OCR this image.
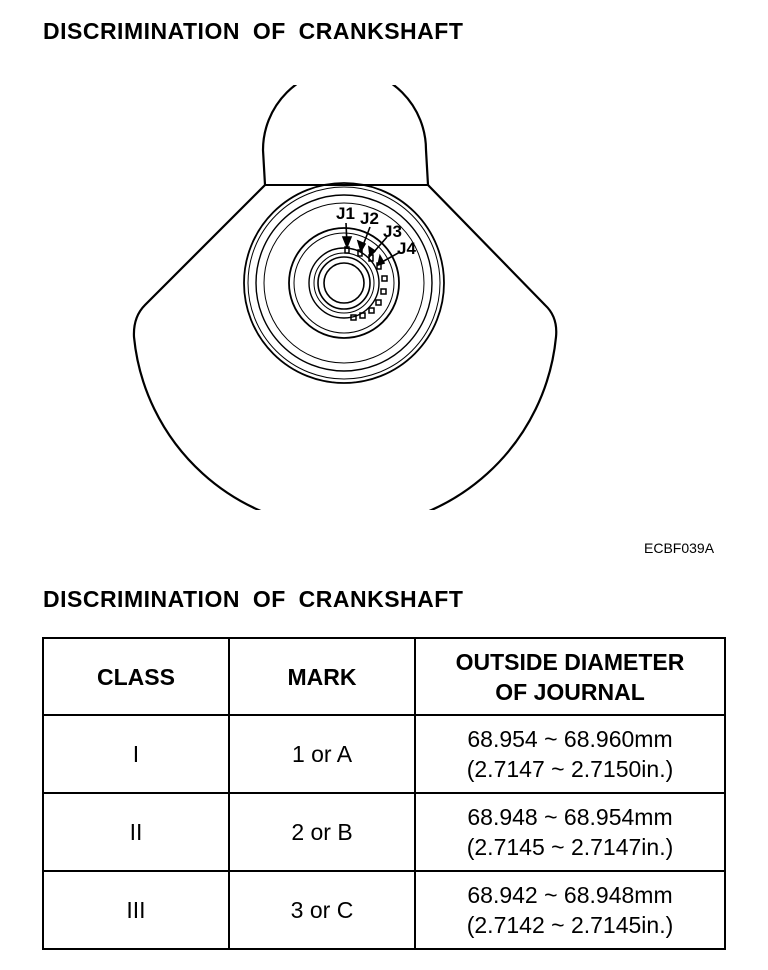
DISCRIMINATION OF CRANKSHAFT
J1 J2
J3
J4
ECBF039A
DISCRIMINATION OF CRANKSHAFT
CLASS	MARK	OUTSIDE DIAMETER
OF JOURNAL

I	1 or A	68.954 ~ 68.960mm
(2.7147 ~ 2.7150in.)

II	2 or B	68.948 ~ 68.954mm
(2.7145 ~ 2.7147in.)

III	3 or C	68.942 ~ 68.948mm
(2.7142 ~ 2.7145in.)
